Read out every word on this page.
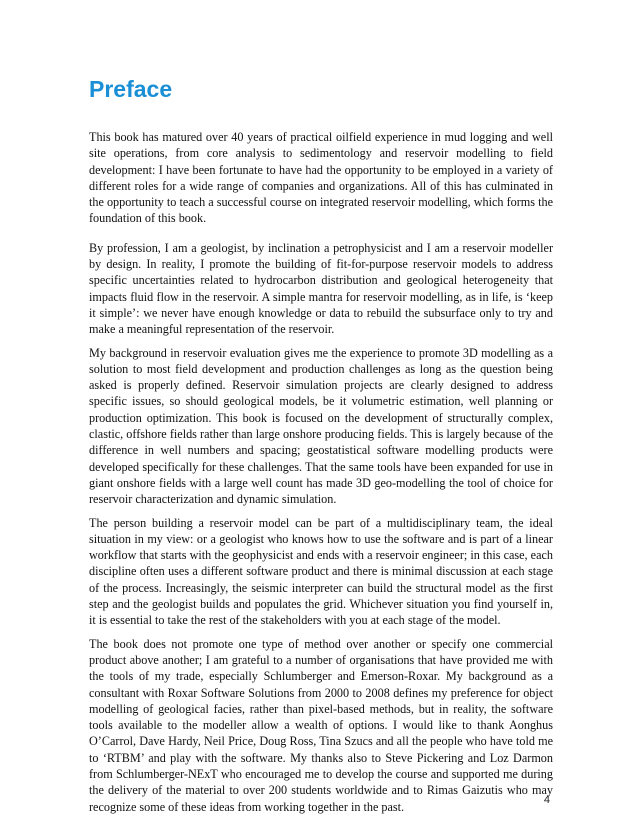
Preface

This book has matured over 40 years of practical oilfield experience in mud logging and well site operations, from core analysis to sedimentology and reservoir modelling to field development: I have been fortunate to have had the opportunity to be employed in a variety of different roles for a wide range of companies and organizations. All of this has culminated in the opportunity to teach a successful course on integrated reservoir modelling, which forms the foundation of this book.

By profession, I am a geologist, by inclination a petrophysicist and I am a reservoir modeller by design. In reality, I promote the building of fit-for-purpose reservoir models to address specific uncertainties related to hydrocarbon distribution and geological heterogeneity that impacts fluid flow in the reservoir. A simple mantra for reservoir modelling, as in life, is ‘keep it simple’: we never have enough knowledge or data to rebuild the subsurface only to try and make a meaningful representation of the reservoir.

My background in reservoir evaluation gives me the experience to promote 3D modelling as a solution to most field development and production challenges as long as the question being asked is properly defined. Reservoir simulation projects are clearly designed to address specific issues, so should geological models, be it volumetric estimation, well planning or production optimization. This book is focused on the development of structurally complex, clastic, offshore fields rather than large onshore producing fields. This is largely because of the difference in well numbers and spacing; geostatistical software modelling products were developed specifically for these challenges. That the same tools have been expanded for use in giant onshore fields with a large well count has made 3D geo-modelling the tool of choice for reservoir characterization and dynamic simulation.

The person building a reservoir model can be part of a multidisciplinary team, the ideal situation in my view: or a geologist who knows how to use the software and is part of a linear workflow that starts with the geophysicist and ends with a reservoir engineer; in this case, each discipline often uses a different software product and there is minimal discussion at each stage of the process. Increasingly, the seismic interpreter can build the structural model as the first step and the geologist builds and populates the grid. Whichever situation you find yourself in, it is essential to take the rest of the stakeholders with you at each stage of the model.

The book does not promote one type of method over another or specify one commercial product above another; I am grateful to a number of organisations that have provided me with the tools of my trade, especially Schlumberger and Emerson-Roxar. My background as a consultant with Roxar Software Solutions from 2000 to 2008 defines my preference for object modelling of geological facies, rather than pixel-based methods, but in reality, the software tools available to the modeller allow a wealth of options. I would like to thank Aonghus O’Carrol, Dave Hardy, Neil Price, Doug Ross, Tina Szucs and all the people who have told me to ‘RTBM’ and play with the software. My thanks also to Steve Pickering and Loz Darmon from Schlumberger-NExT who encouraged me to develop the course and supported me during the delivery of the material to over 200 students worldwide and to Rimas Gaizutis who may recognize some of these ideas from working together in the past.	4
